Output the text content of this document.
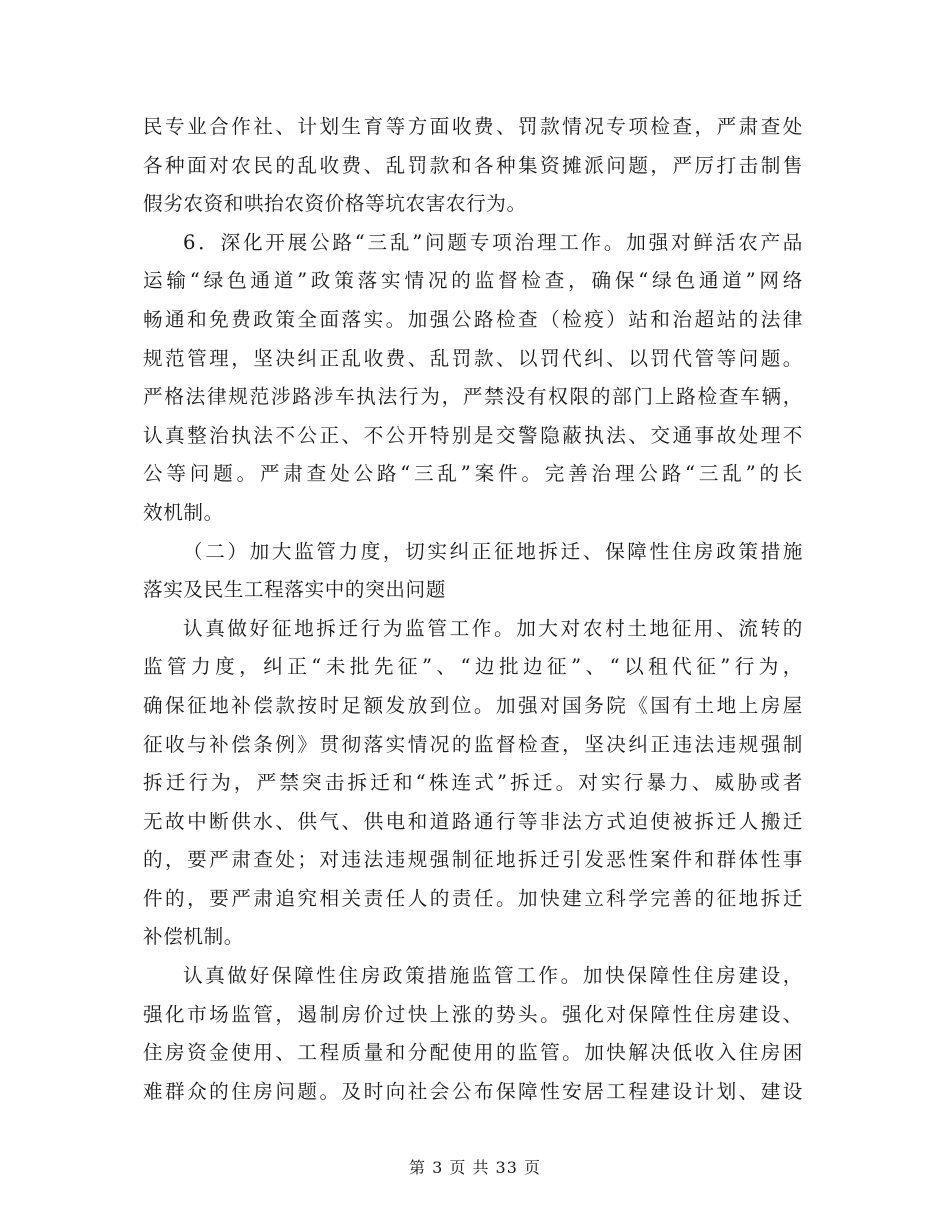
民专业合作社、计划生育等方面收费、罚款情况专项检查，严肃查处
各种面对农民的乱收费、乱罚款和各种集资摊派问题，严厉打击制售
假劣农资和哄抬农资价格等坑农害农行为。
6．深化开展公路“三乱”问题专项治理工作。加强对鲜活农产品
运输“绿色通道”政策落实情况的监督检查，确保“绿色通道”网络
畅通和免费政策全面落实。加强公路检查（检疫）站和治超站的法律
规范管理，坚决纠正乱收费、乱罚款、以罚代纠、以罚代管等问题。
严格法律规范涉路涉车执法行为，严禁没有权限的部门上路检查车辆，
认真整治执法不公正、不公开特别是交警隐蔽执法、交通事故处理不
公等问题。严肃查处公路“三乱”案件。完善治理公路“三乱”的长
效机制。
（二）加大监管力度，切实纠正征地拆迁、保障性住房政策措施
落实及民生工程落实中的突出问题
认真做好征地拆迁行为监管工作。加大对农村土地征用、流转的
监管力度，纠正“未批先征”、“边批边征”、“以租代征”行为，
确保征地补偿款按时足额发放到位。加强对国务院《国有土地上房屋
征收与补偿条例》贯彻落实情况的监督检查，坚决纠正违法违规强制
拆迁行为，严禁突击拆迁和“株连式”拆迁。对实行暴力、威胁或者
无故中断供水、供气、供电和道路通行等非法方式迫使被拆迁人搬迁
的，要严肃查处；对违法违规强制征地拆迁引发恶性案件和群体性事
件的，要严肃追究相关责任人的责任。加快建立科学完善的征地拆迁
补偿机制。
认真做好保障性住房政策措施监管工作。加快保障性住房建设，
强化市场监管，遏制房价过快上涨的势头。强化对保障性住房建设、
住房资金使用、工程质量和分配使用的监管。加快解决低收入住房困
难群众的住房问题。及时向社会公布保障性安居工程建设计划、建设
第 3 页 共 33 页
